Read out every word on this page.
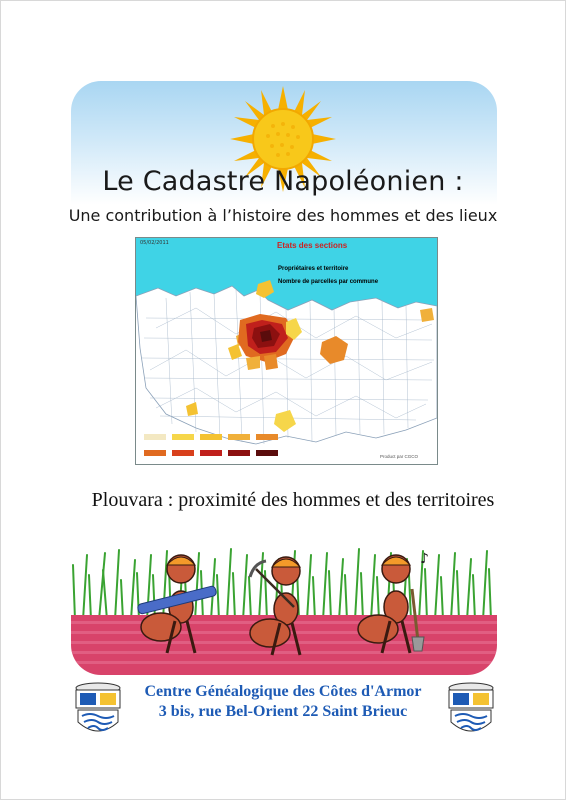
Le Cadastre Napoléonien :
Une contribution à l’histoire des hommes et des lieux
05/02/2011	Etats des sections
Propriétaires et territoire
Nombre de parcelles par commune
Product par CGCO
Plouvara : proximité des hommes et des territoires
♪
Centre Généalogique des Côtes d'Armor
3 bis, rue Bel-Orient 22 Saint Brieuc
